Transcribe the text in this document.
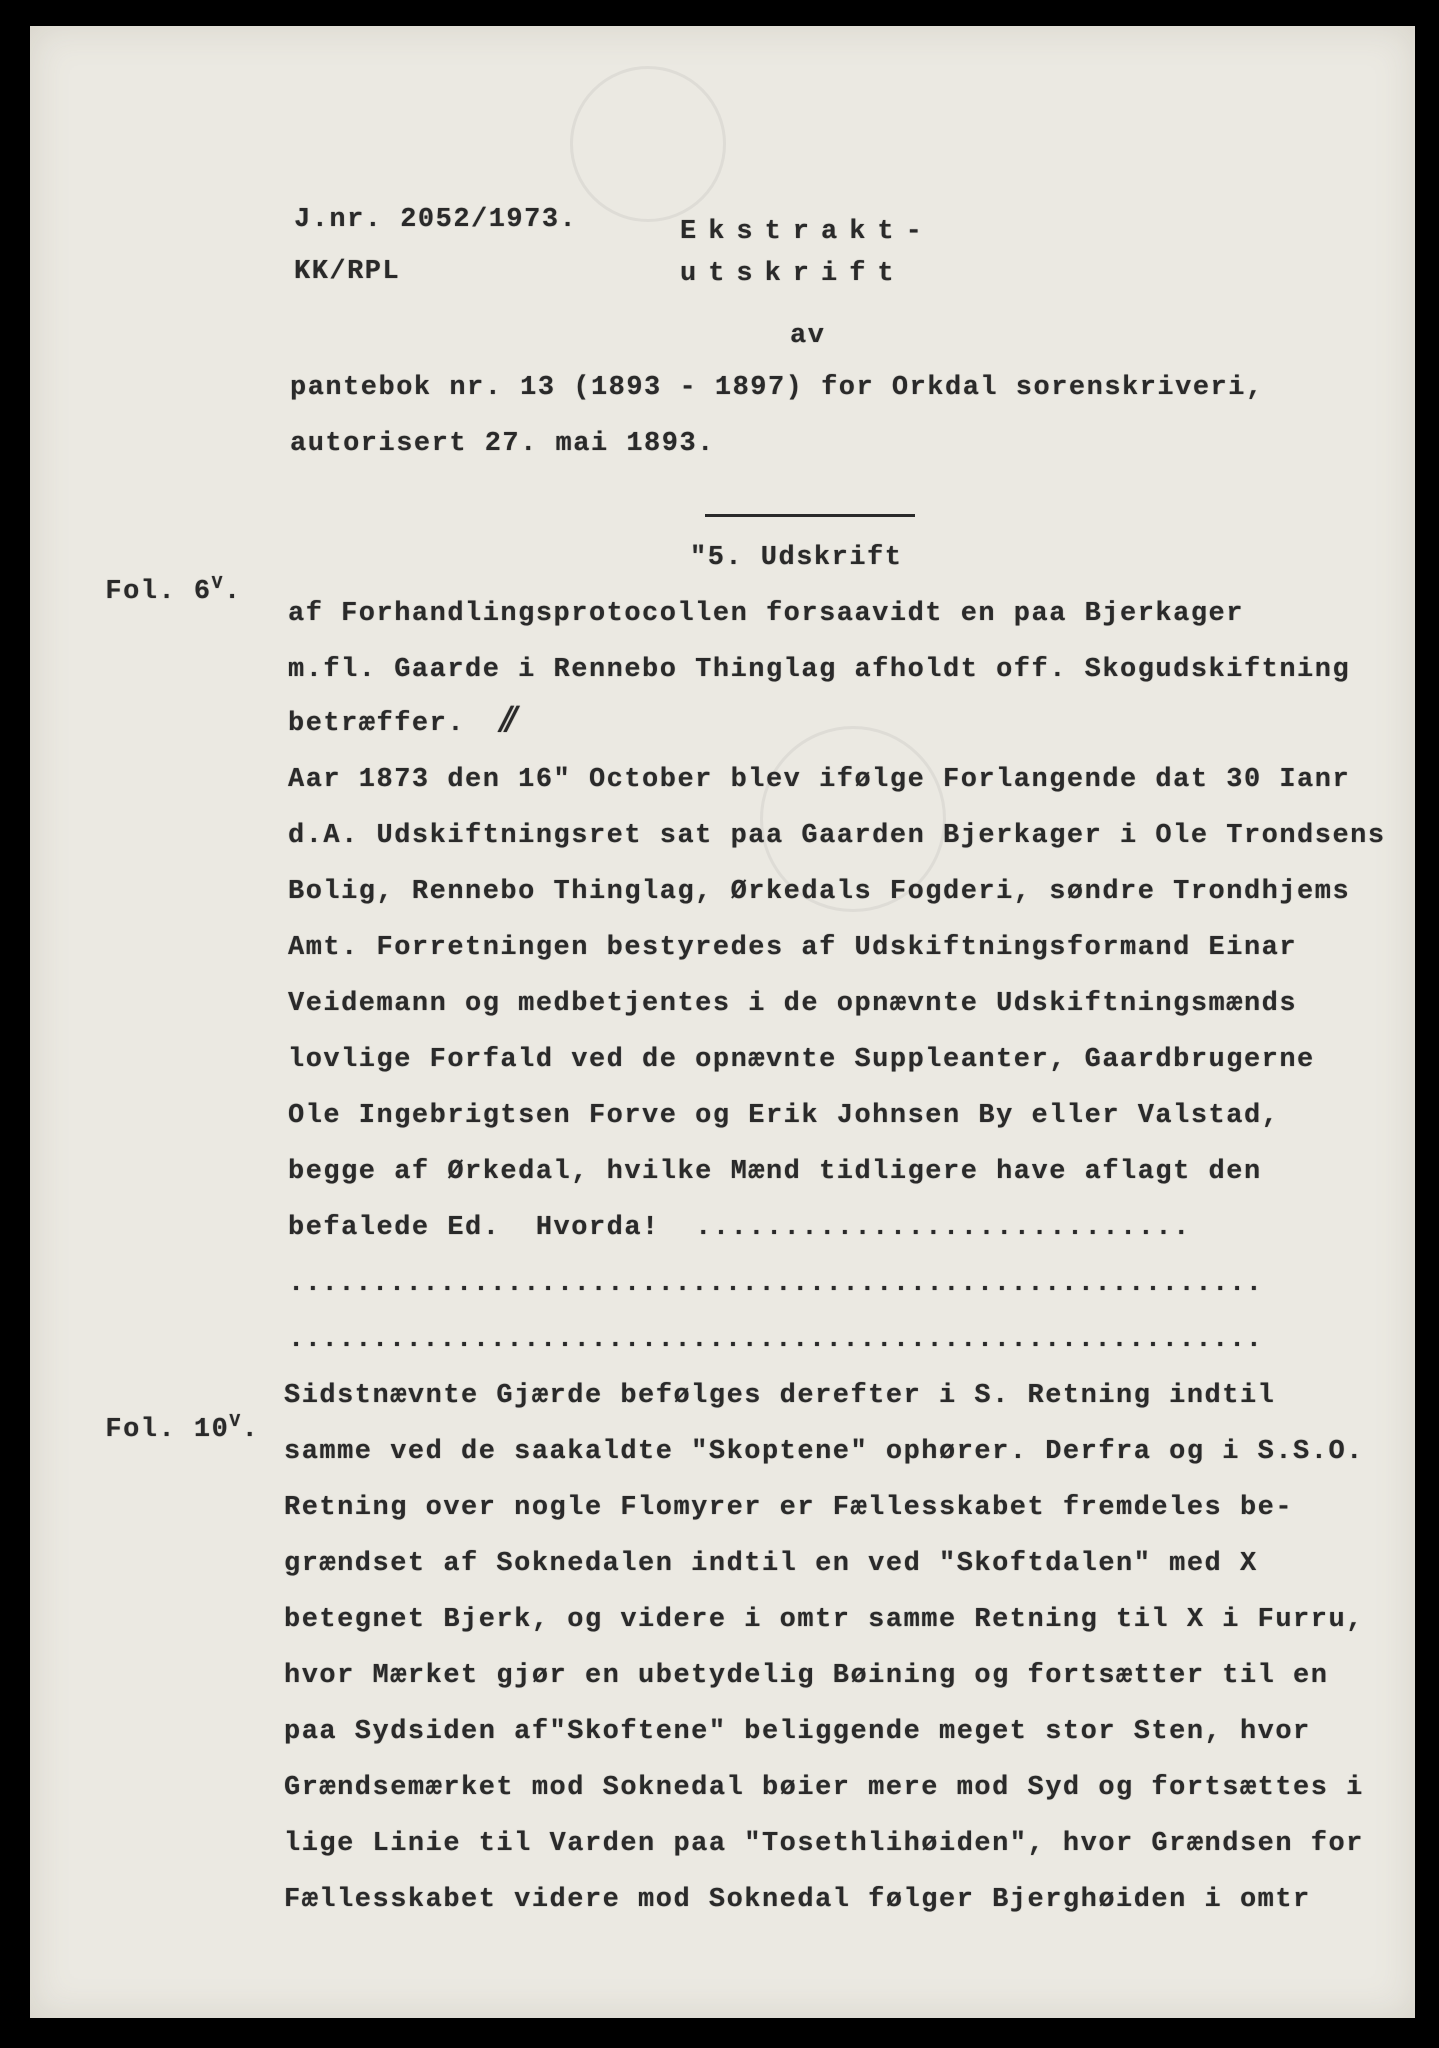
J.nr. 2052/1973.
KK/RPL
Ekstrakt-
utskrift
av
pantebok nr. 13 (1893 - 1897) for Orkdal sorenskriveri,
autorisert 27. mai 1893.

Fol. $6^V$.

"5. Udskrift
af Forhandlingsprotocollen forsaavidt en paa Bjerkager
m.fl. Gaarde i Rennebo Thinglag afholdt off. Skogudskiftning
betræffer. //
Aar 1873 den 16" October blev ifølge Forlangende dat 30 Ianr
d.A. Udskiftningsret sat paa Gaarden Bjerkager i Ole Trondsens
Bolig, Rennebo Thinglag, Ørkedals Fogderi, søndre Trondhjems
Amt. Forretningen bestyredes af Udskiftningsformand Einar
Veidemann og medbetjentes i de opnævnte Udskiftningsmænds
lovlige Forfald ved de opnævnte Suppleanter, Gaardbrugerne
Ole Ingebrigtsen Forve og Erik Johnsen By eller Valstad,
begge af Ørkedal, hvilke Mænd tidligere have aflagt den
befalede Ed.  Hvorda!  ............................
..........................................................
..........................................................

Fol. $10^V$.

Sidstnævnte Gjærde befølges derefter i S. Retning indtil
samme ved de saakaldte "Skoptene" ophører. Derfra og i S.S.O.
Retning over nogle Flomyrer er Fællesskabet fremdeles be-
grændset af Soknedalen indtil en ved "Skoftdalen" med X
betegnet Bjerk, og videre i omtr samme Retning til X i Furru,
hvor Mærket gjør en ubetydelig Bøining og fortsætter til en
paa Sydsiden af"Skoftene" beliggende meget stor Sten, hvor
Grændsemærket mod Soknedal bøier mere mod Syd og fortsættes i
lige Linie til Varden paa "Tosethlihøiden", hvor Grændsen for
Fællesskabet videre mod Soknedal følger Bjerghøiden i omtr
